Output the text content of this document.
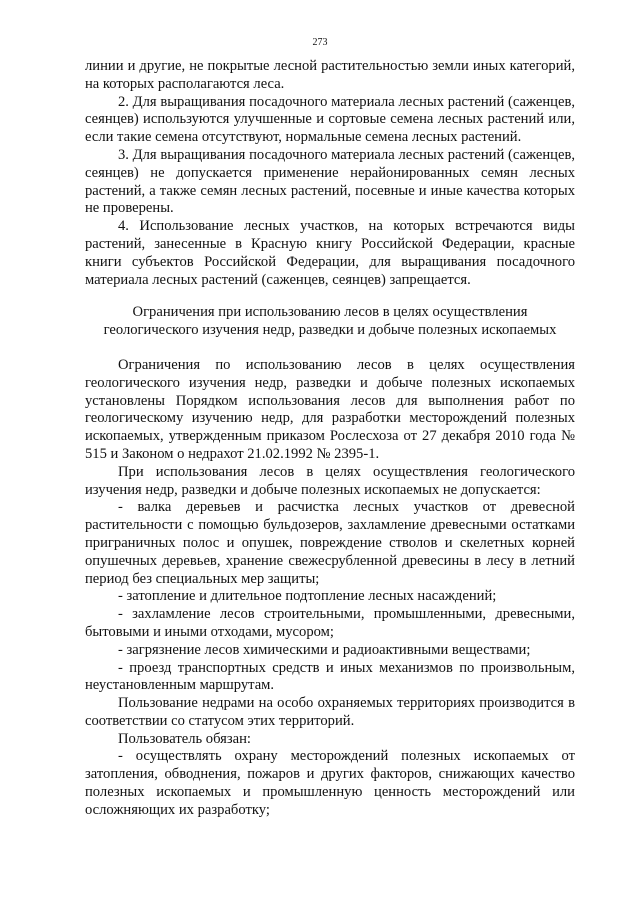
273

линии и другие, не покрытые лесной растительностью земли иных категорий, на которых располагаются леса.

2. Для выращивания посадочного материала лесных растений (саженцев, сеянцев) используются улучшенные и сортовые семена лесных растений или, если такие семена отсутствуют, нормальные семена лесных растений.

3. Для выращивания посадочного материала лесных растений (саженцев, сеянцев) не допускается применение нерайонированных семян лесных растений, а также семян лесных растений, посевные и иные качества которых не проверены.

4. Использование лесных участков, на которых встречаются виды растений, занесенные в Красную книгу Российской Федерации, красные книги субъектов Российской Федерации, для выращивания посадочного материала лесных растений (саженцев, сеянцев) запрещается.

Ограничения при использованию лесов в целях осуществления геологического изучения недр, разведки и добыче полезных ископаемых

Ограничения по использованию лесов в целях осуществления геологического изучения недр, разведки и добыче полезных ископаемых установлены Порядком использования лесов для выполнения работ по геологическому изучению недр, для разработки месторождений полезных ископаемых, утвержденным приказом Рослесхоза от 27 декабря 2010 года № 515 и Законом о недрахот 21.02.1992 № 2395-1.

При использования лесов в целях осуществления геологического изучения недр, разведки и добыче полезных ископаемых не допускается:

- валка деревьев и расчистка лесных участков от древесной растительности с помощью бульдозеров, захламление древесными остатками приграничных полос и опушек, повреждение стволов и скелетных корней опушечных деревьев, хранение свежесрубленной древесины в лесу в летний период без специальных мер защиты;

- затопление и длительное подтопление лесных насаждений;

- захламление лесов строительными, промышленными, древесными, бытовыми и иными отходами, мусором;

- загрязнение лесов химическими и радиоактивными веществами;

- проезд транспортных средств и иных механизмов по произвольным, неустановленным маршрутам.

Пользование недрами на особо охраняемых территориях производится в соответствии со статусом этих территорий.

Пользователь обязан:

- осуществлять охрану месторождений полезных ископаемых от затопления, обводнения, пожаров и других факторов, снижающих качество полезных ископаемых и промышленную ценность месторождений или осложняющих их разработку;
